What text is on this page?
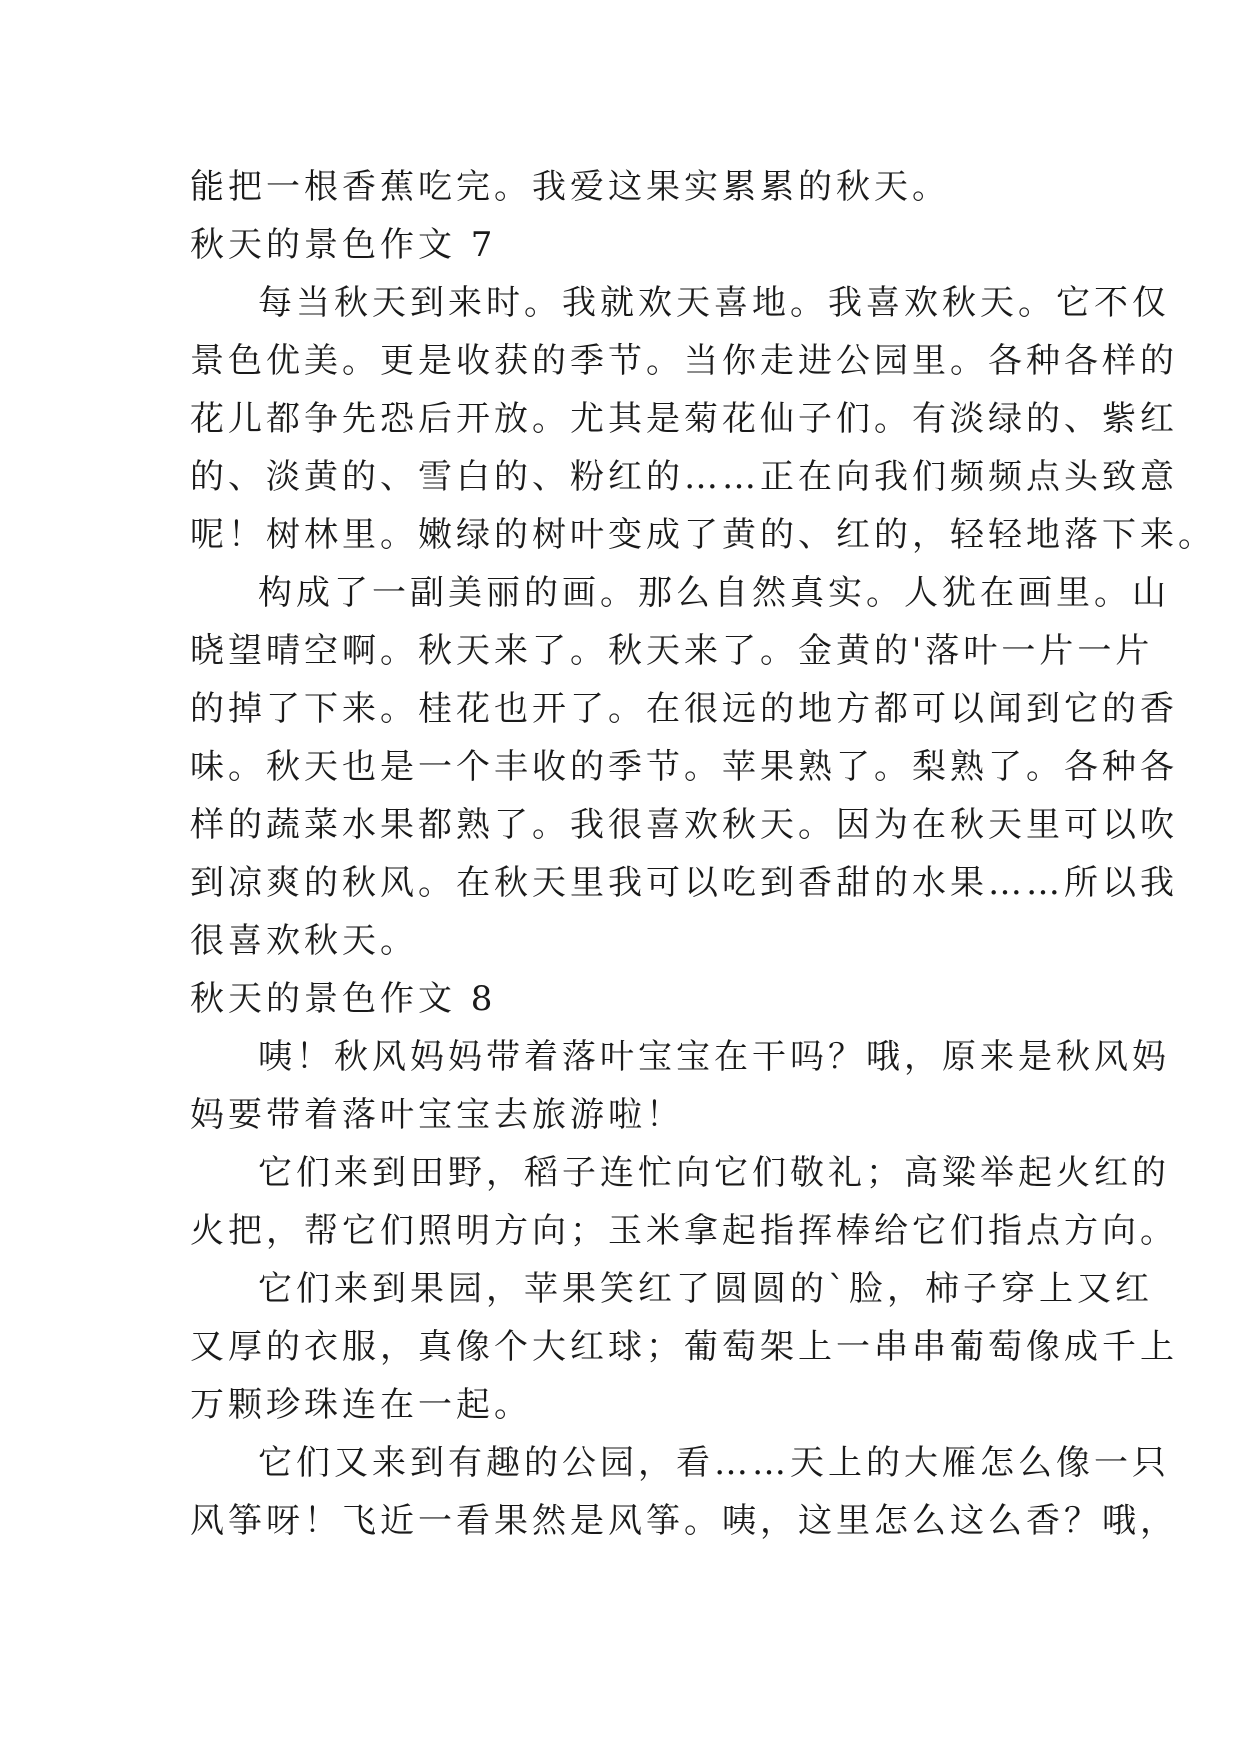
能把一根香蕉吃完。我爱这果实累累的秋天。
秋天的景色作文 7
每当秋天到来时。我就欢天喜地。我喜欢秋天。它不仅
景色优美。更是收获的季节。当你走进公园里。各种各样的
花儿都争先恐后开放。尤其是菊花仙子们。有淡绿的、紫红
的、淡黄的、雪白的、粉红的……正在向我们频频点头致意
呢！树林里。嫩绿的树叶变成了黄的、红的，轻轻地落下来。
构成了一副美丽的画。那么自然真实。人犹在画里。山
晓望晴空啊。秋天来了。秋天来了。金黄的'落叶一片一片
的掉了下来。桂花也开了。在很远的地方都可以闻到它的香
味。秋天也是一个丰收的季节。苹果熟了。梨熟了。各种各
样的蔬菜水果都熟了。我很喜欢秋天。因为在秋天里可以吹
到凉爽的秋风。在秋天里我可以吃到香甜的水果……所以我
很喜欢秋天。
秋天的景色作文 8
咦！秋风妈妈带着落叶宝宝在干吗？哦，原来是秋风妈
妈要带着落叶宝宝去旅游啦！
它们来到田野，稻子连忙向它们敬礼；高粱举起火红的
火把，帮它们照明方向；玉米拿起指挥棒给它们指点方向。
它们来到果园，苹果笑红了圆圆的`脸，柿子穿上又红
又厚的衣服，真像个大红球；葡萄架上一串串葡萄像成千上
万颗珍珠连在一起。
它们又来到有趣的公园，看……天上的大雁怎么像一只
风筝呀！飞近一看果然是风筝。咦，这里怎么这么香？哦，
